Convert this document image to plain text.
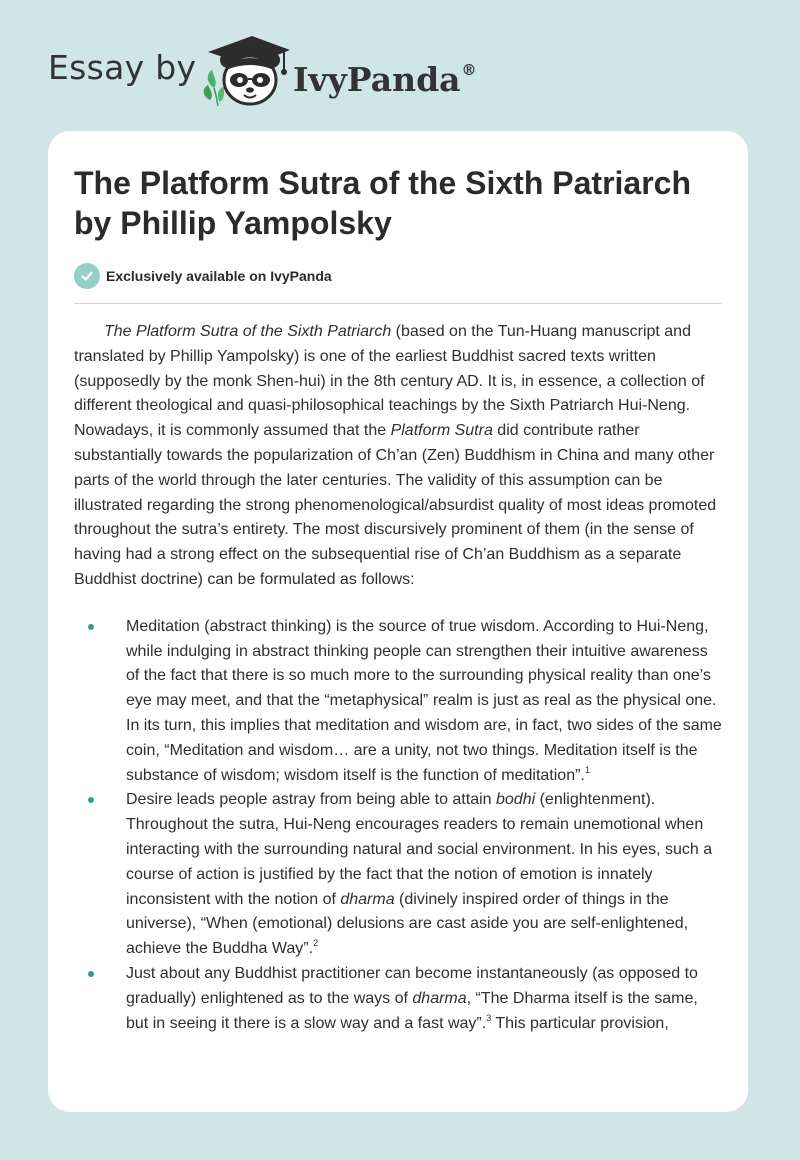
Essay by	IvyPanda®
The Platform Sutra of the Sixth Patriarch by Phillip Yampolsky
Exclusively available on IvyPanda

The Platform Sutra of the Sixth Patriarch (based on the Tun-Huang manuscript and translated by Phillip Yampolsky) is one of the earliest Buddhist sacred texts written (supposedly by the monk Shen-hui) in the 8th century AD. It is, in essence, a collection of different theological and quasi-philosophical teachings by the Sixth Patriarch Hui-Neng. Nowadays, it is commonly assumed that the Platform Sutra did contribute rather substantially towards the popularization of Ch’an (Zen) Buddhism in China and many other parts of the world through the later centuries. The validity of this assumption can be illustrated regarding the strong phenomenological/absurdist quality of most ideas promoted throughout the sutra’s entirety. The most discursively prominent of them (in the sense of having had a strong effect on the subsequential rise of Ch’an Buddhism as a separate Buddhist doctrine) can be formulated as follows:

Meditation (abstract thinking) is the source of true wisdom. According to Hui-Neng, while indulging in abstract thinking people can strengthen their intuitive awareness of the fact that there is so much more to the surrounding physical reality than one’s eye may meet, and that the “metaphysical” realm is just as real as the physical one. In its turn, this implies that meditation and wisdom are, in fact, two sides of the same coin, “Meditation and wisdom… are a unity, not two things. Meditation itself is the substance of wisdom; wisdom itself is the function of meditation”.$^1$
Desire leads people astray from being able to attain bodhi (enlightenment). Throughout the sutra, Hui-Neng encourages readers to remain unemotional when interacting with the surrounding natural and social environment. In his eyes, such a course of action is justified by the fact that the notion of emotion is innately inconsistent with the notion of dharma (divinely inspired order of things in the universe), “When (emotional) delusions are cast aside you are self-enlightened, achieve the Buddha Way”.$^2$
Just about any Buddhist practitioner can become instantaneously (as opposed to gradually) enlightened as to the ways of dharma, “The Dharma itself is the same, but in seeing it there is a slow way and a fast way”.$^3$ This particular provision,
